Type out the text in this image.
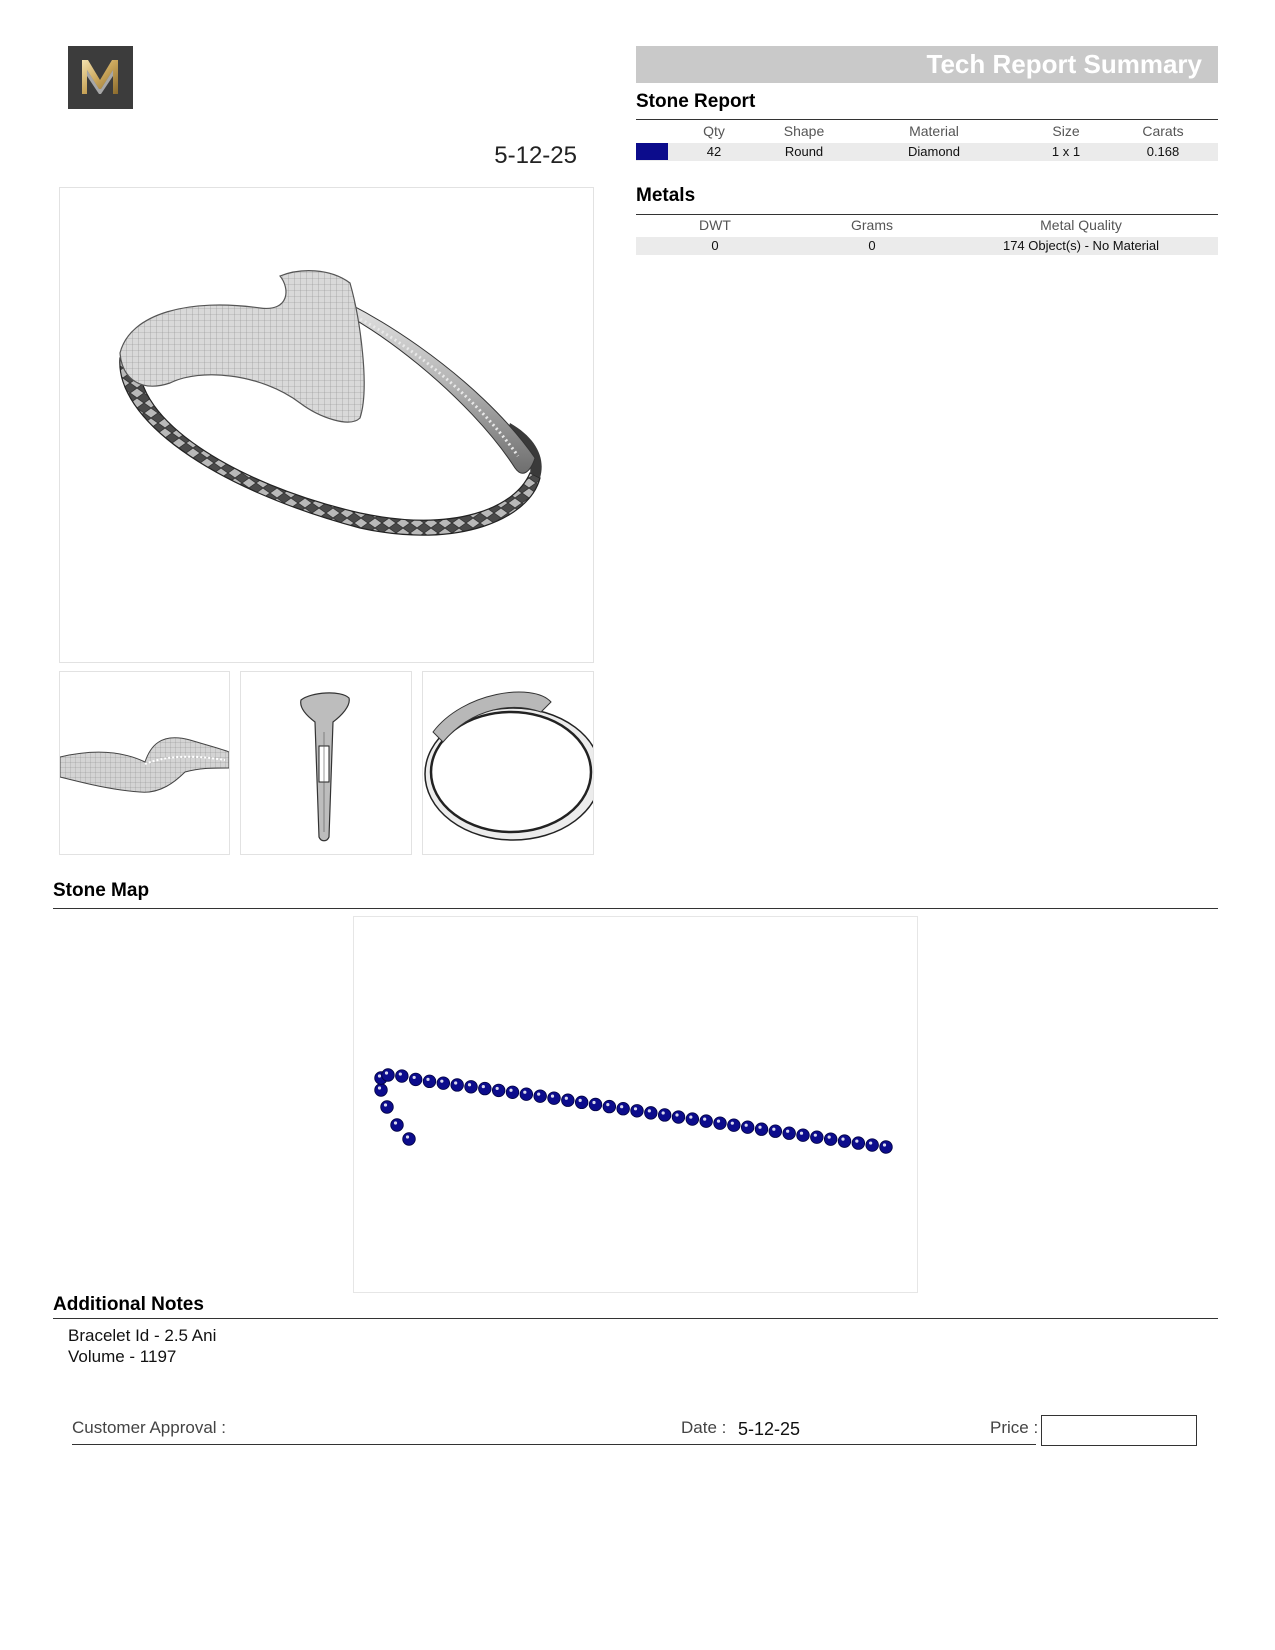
5-12-25
Tech Report Summary
Stone Report
Qty	Shape	Material	Size	Carats
42	Round	Diamond	1 x 1	0.168
Metals
DWT	Grams	Metal Quality
0	0	174 Object(s) - No Material
Stone Map
Additional Notes
Bracelet Id - 2.5 Ani
Volume - 1197
Customer Approval :	Date : 5-12-25	Price :
